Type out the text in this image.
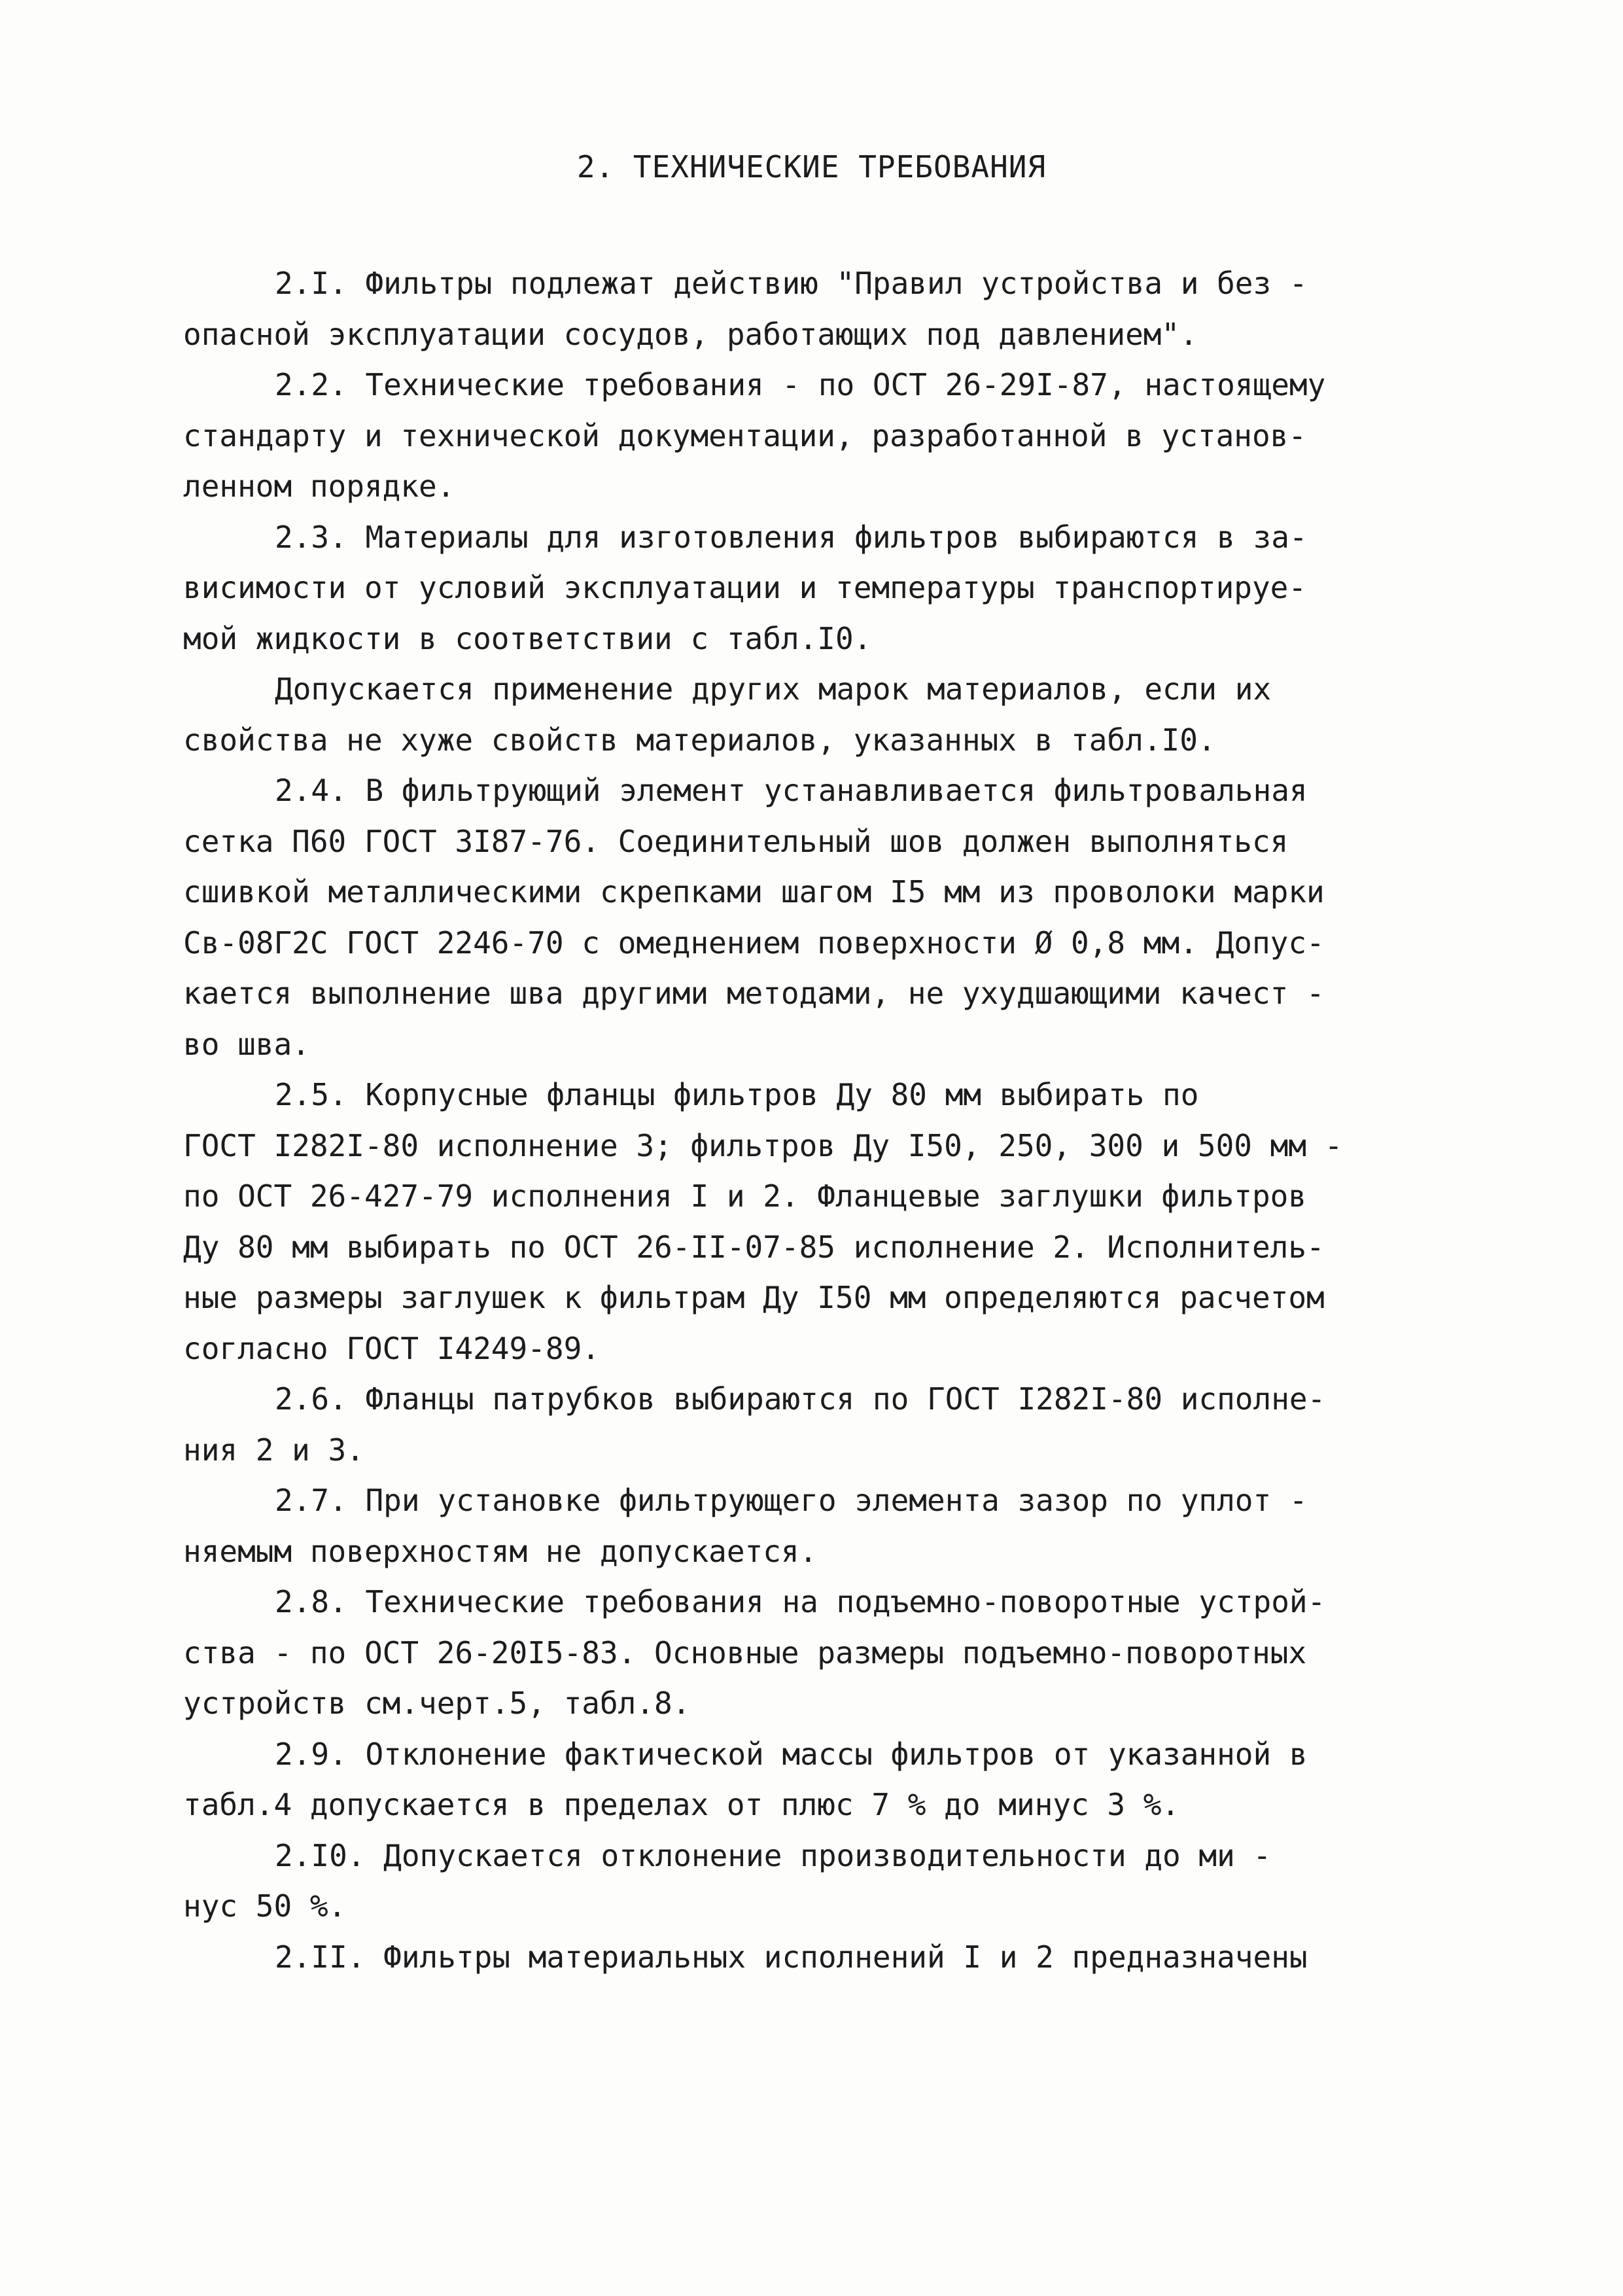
2. ТЕХНИЧЕСКИЕ ТРЕБОВАНИЯ

2.I. Фильтры подлежат действию "Правил устройства и без -
опасной эксплуатации сосудов, работающих под давлением".

2.2. Технические требования - по ОСТ 26-29I-87, настоящему
стандарту и технической документации, разработанной в установ-
ленном порядке.

2.3. Материалы для изготовления фильтров выбираются в за-
висимости от условий эксплуатации и температуры транспортируе-
мой жидкости в соответствии с табл.I0.

Допускается применение других марок материалов, если их
свойства не хуже свойств материалов, указанных в табл.I0.

2.4. В фильтрующий элемент устанавливается фильтровальная
сетка П60 ГОСТ 3I87-76. Соединительный шов должен выполняться
сшивкой металлическими скрепками шагом I5 мм из проволоки марки
Св-08Г2С ГОСТ 2246-70 с омеднением поверхности Ø 0,8 мм. Допус-
кается выполнение шва другими методами, не ухудшающими качест -
во шва.

2.5. Корпусные фланцы фильтров Ду 80 мм выбирать по
ГОСТ I282I-80 исполнение 3; фильтров Ду I50, 250, 300 и 500 мм -
по ОСТ 26-427-79 исполнения I и 2. Фланцевые заглушки фильтров
Ду 80 мм выбирать по ОСТ 26-II-07-85 исполнение 2. Исполнитель-
ные размеры заглушек к фильтрам Ду I50 мм определяются расчетом
согласно ГОСТ I4249-89.

2.6. Фланцы патрубков выбираются по ГОСТ I282I-80 исполне-
ния 2 и 3.

2.7. При установке фильтрующего элемента зазор по уплот -
няемым поверхностям не допускается.

2.8. Технические требования на подъемно-поворотные устрой-
ства - по ОСТ 26-20I5-83. Основные размеры подъемно-поворотных
устройств см.черт.5, табл.8.

2.9. Отклонение фактической массы фильтров от указанной в
табл.4 допускается в пределах от плюс 7 % до минус 3 %.

2.I0. Допускается отклонение производительности до ми -
нус 50 %.

2.II. Фильтры материальных исполнений I и 2 предназначены
